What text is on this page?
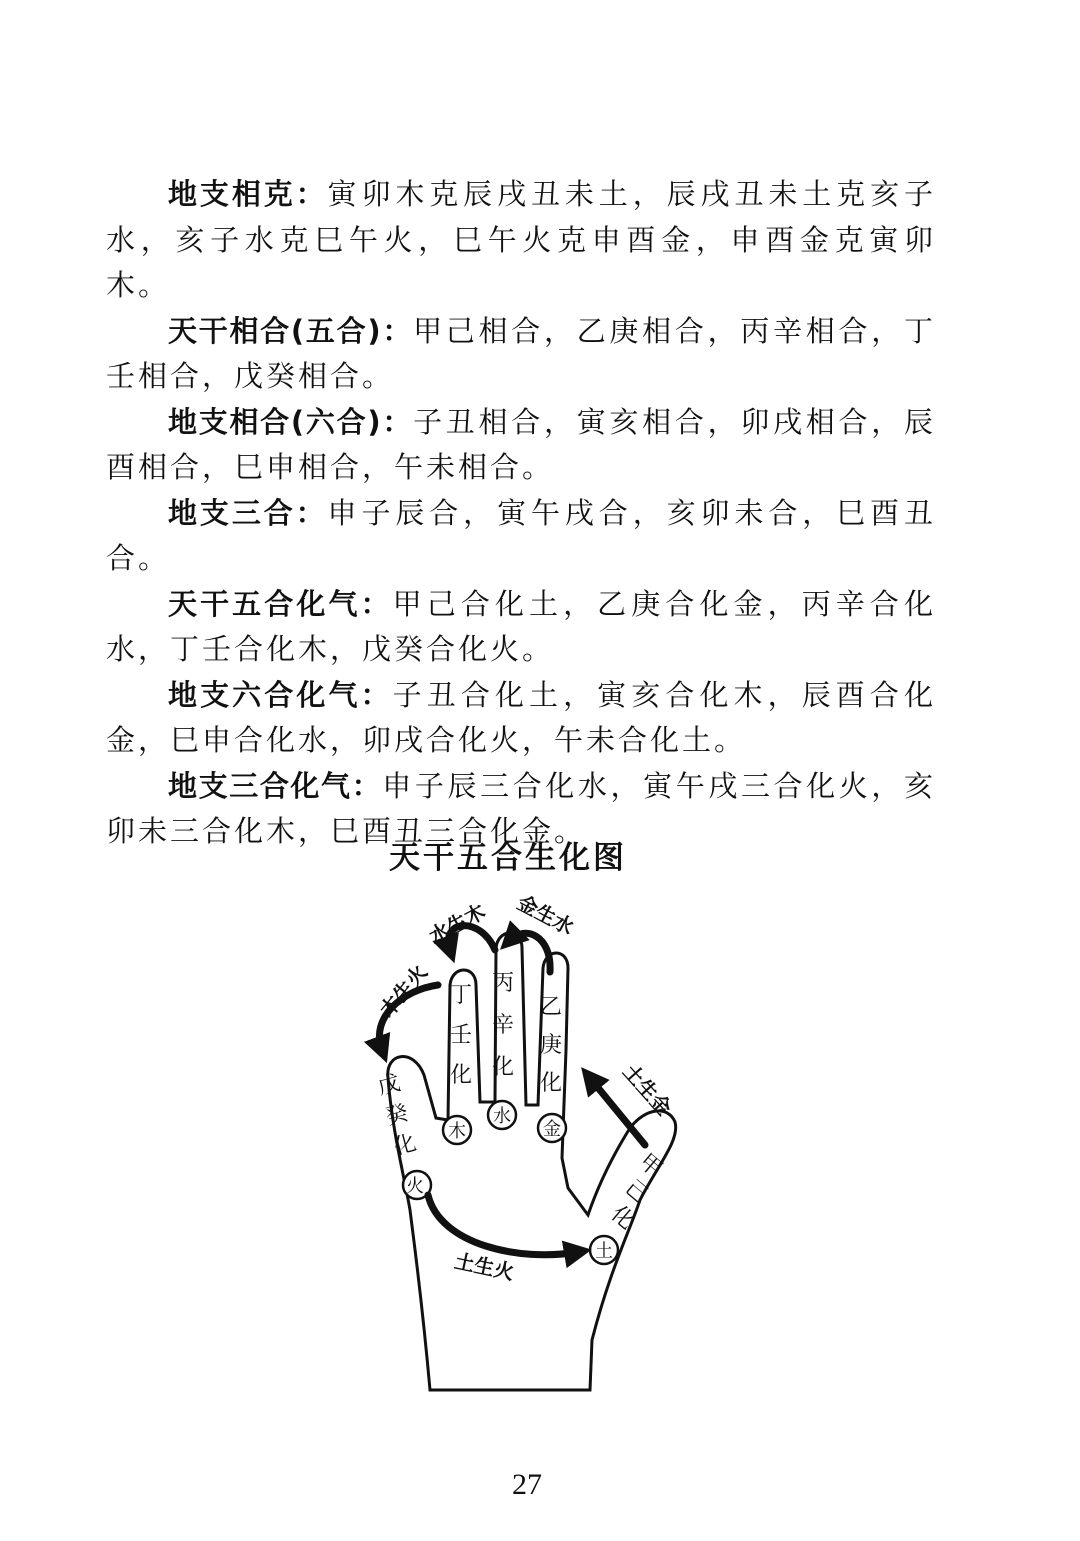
地支相克：寅卯木克辰戌丑未土，辰戌丑未土克亥子水，亥子水克巳午火，巳午火克申酉金，申酉金克寅卯木。

天干相合(五合)：甲己相合，乙庚相合，丙辛相合，丁壬相合，戊癸相合。

地支相合(六合)：子丑相合，寅亥相合，卯戌相合，辰酉相合，巳申相合，午未相合。

地支三合：申子辰合，寅午戌合，亥卯未合，巳酉丑合。

天干五合化气：甲己合化土，乙庚合化金，丙辛合化水，丁壬合化木，戊癸合化火。

地支六合化气：子丑合化土，寅亥合化木，辰酉合化金，巳申合化水，卯戌合化火，午未合化土。

地支三合化气：申子辰三合化水，寅午戌三合化火，亥卯未三合化木，巳酉丑三合化金。

天干五合生化图
戊
癸
化
火
丁
壬
化
木
丙
辛
化
水
乙
庚
化
金
甲
己
化
土
木生火
水生木 金生水
土生金
土生火
27
